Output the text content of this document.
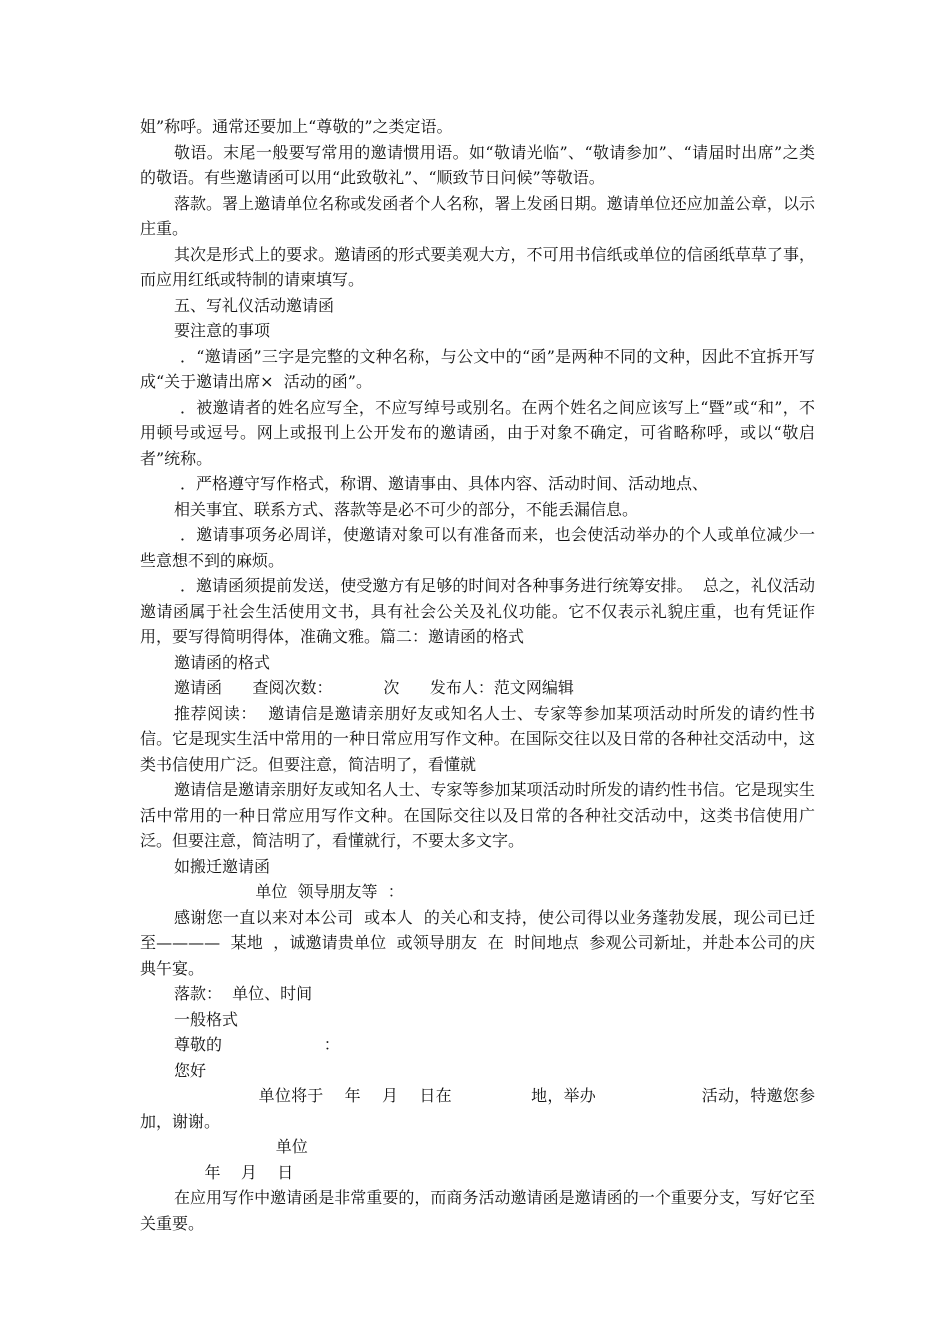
姐”称呼。通常还要加上“尊敬的”之类定语。

敬语。末尾一般要写常用的邀请惯用语。如“敬请光临”、“敬请参加”、“请届时出席”之类的敬语。有些邀请函可以用“此致敬礼”、“顺致节日问候”等敬语。

落款。署上邀请单位名称或发函者个人名称，署上发函日期。邀请单位还应加盖公章，以示庄重。

其次是形式上的要求。邀请函的形式要美观大方，不可用书信纸或单位的信函纸草草了事，而应用红纸或特制的请柬填写。

五、写礼仪活动邀请函

要注意的事项

．“邀请函”三字是完整的文种名称，与公文中的“函”是两种不同的文种，因此不宜拆开写成“关于邀请出席×  活动的函”。

．被邀请者的姓名应写全，不应写绰号或别名。在两个姓名之间应该写上“暨”或“和”，不用顿号或逗号。网上或报刊上公开发布的邀请函，由于对象不确定，可省略称呼，或以“敬启者”统称。

．严格遵守写作格式，称谓、邀请事由、具体内容、活动时间、活动地点、

相关事宜、联系方式、落款等是必不可少的部分，不能丢漏信息。

．邀请事项务必周详，使邀请对象可以有准备而来，也会使活动举办的个人或单位减少一些意想不到的麻烦。

．邀请函须提前发送，使受邀方有足够的时间对各种事务进行统筹安排。  总之，礼仪活动邀请函属于社会生活使用文书，具有社会公关及礼仪功能。它不仅表示礼貌庄重，也有凭证作用，要写得简明得体，准确文雅。篇二：邀请函的格式

邀请函的格式

邀请函      查阅次数：          次      发布人：范文网编辑

推荐阅读：  邀请信是邀请亲朋好友或知名人士、专家等参加某项活动时所发的请约性书信。它是现实生活中常用的一种日常应用写作文种。在国际交往以及日常的各种社交活动中，这类书信使用广泛。但要注意，简洁明了，看懂就

邀请信是邀请亲朋好友或知名人士、专家等参加某项活动时所发的请约性书信。它是现实生活中常用的一种日常应用写作文种。在国际交往以及日常的各种社交活动中，这类书信使用广泛。但要注意，简洁明了，看懂就行，不要太多文字。

如搬迁邀请函

单位  领导朋友等  ：

感谢您一直以来对本公司  或本人  的关心和支持，使公司得以业务蓬勃发展，现公司已迁至————  某地  ，诚邀请贵单位  或领导朋友  在  时间地点  参观公司新址，并赴本公司的庆典午宴。

落款：  单位、时间

一般格式

尊敬的                    ：

您好

单位将于    年    月    日在               地，举办                    活动，特邀您参加，谢谢。

单位

年    月    日

在应用写作中邀请函是非常重要的，而商务活动邀请函是邀请函的一个重要分支，写好它至关重要。
